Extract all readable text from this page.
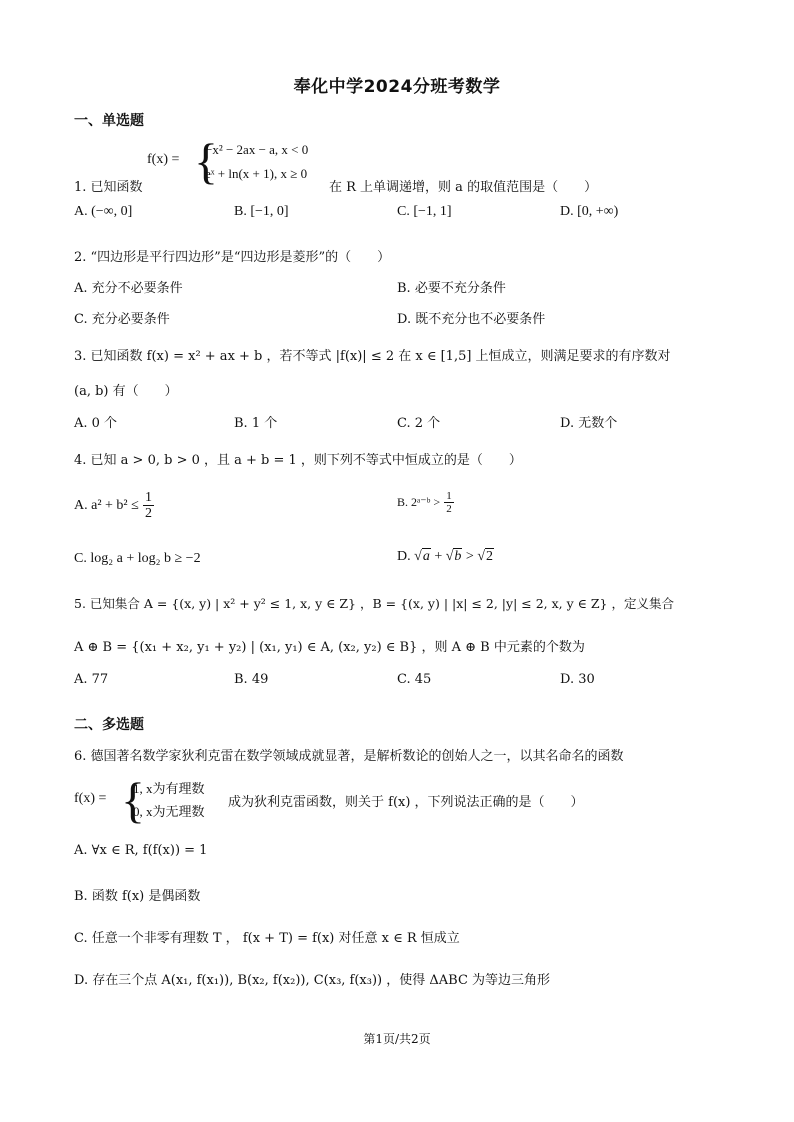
奉化中学2024分班考数学
一、单选题
f(x) = {
−x² − 2ax − a, x < 0
eˣ + ln(x + 1), x ≥ 0
1. 已知函数	在 R 上单调递增，则 a 的取值范围是（　　）
A. (−∞, 0]	B. [−1, 0]	C. [−1, 1]	D. [0, +∞)
2. “四边形是平行四边形”是“四边形是菱形”的（　　）
A. 充分不必要条件	B. 必要不充分条件
C. 充分必要条件	D. 既不充分也不必要条件
3. 已知函数 f(x) = x² + ax + b ，若不等式 |f(x)| ≤ 2 在 x ∈ [1,5] 上恒成立，则满足要求的有序数对
(a, b) 有（　　）
A. 0 个	B. 1 个	C. 2 个	D. 无数个
4. 已知 a > 0, b > 0 ，且 a + b = 1 ，则下列不等式中恒成立的是（　　）
A. $a^2 + b^2 \le \frac{1}{2}$	B. 2ᵃ⁻ᵇ > $\frac{1}{2}$
C. log₂ a + log₂ b ≥ −2	D. √a + √b > √2
5. 已知集合 A = {(x, y) | x² + y² ≤ 1, x, y ∈ Z} ，B = {(x, y) | |x| ≤ 2, |y| ≤ 2, x, y ∈ Z} ，定义集合
A ⊕ B = {(x₁ + x₂, y₁ + y₂) | (x₁, y₁) ∈ A, (x₂, y₂) ∈ B} ，则 A ⊕ B 中元素的个数为
A. 77	B. 49	C. 45	D. 30
二、多选题
6. 德国著名数学家狄利克雷在数学领域成就显著，是解析数论的创始人之一，以其名命名的函数
f(x) = {
1, x为有理数
0, x为无理数
成为狄利克雷函数，则关于 f(x) ，下列说法正确的是（　　）
A. ∀x ∈ R, f(f(x)) = 1
B. 函数 f(x) 是偶函数
C. 任意一个非零有理数 T ， f(x + T) = f(x) 对任意 x ∈ R 恒成立
D. 存在三个点 A(x₁, f(x₁)), B(x₂, f(x₂)), C(x₃, f(x₃)) ，使得 ΔABC 为等边三角形
第1页/共2页
